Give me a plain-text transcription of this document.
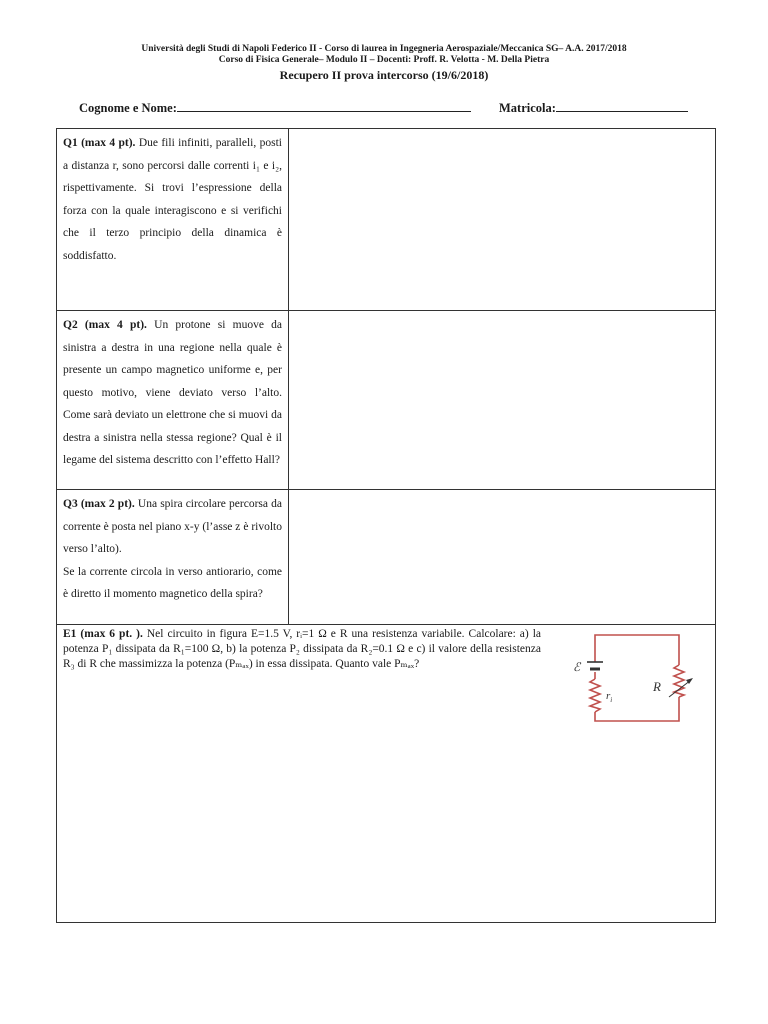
Università degli Studi di Napoli Federico II - Corso di laurea in Ingegneria Aerospaziale/Meccanica SG– A.A. 2017/2018
Corso di Fisica Generale– Modulo II – Docenti: Proff. R. Velotta - M. Della Pietra
Recupero II prova intercorso (19/6/2018)
Cognome e Nome:	Matricola:
Q1 (max 4 pt). Due fili infiniti, paralleli, posti a distanza r, sono percorsi dalle correnti i₁ e i₂, rispettivamente. Si trovi l’espressione della forza con la quale interagiscono e si verifichi che il terzo principio della dinamica è soddisfatto.
Q2 (max 4 pt). Un protone si muove da sinistra a destra in una regione nella quale è presente un campo magnetico uniforme e, per questo motivo, viene deviato verso l’alto. Come sarà deviato un elettrone che si muovi da destra a sinistra nella stessa regione? Qual è il legame del sistema descritto con l’effetto Hall?
Q3 (max 2 pt). Una spira circolare percorsa da corrente è posta nel piano x-y (l’asse z è rivolto verso l’alto).
Se la corrente circola in verso antiorario, come è diretto il momento magnetico della spira?
E1 (max 6 pt. ). Nel circuito in figura E=1.5 V, rᵢ=1 Ω e R una resistenza variabile. Calcolare: a) la potenza P₁ dissipata da R₁=100 Ω, b) la potenza P₂ dissipata da R₂=0.1 Ω e c) il valore della resistenza R₃ di R che massimizza la potenza (Pₘₐₓ) in essa dissipata. Quanto vale Pₘₐₓ?	ℰ
$r_i$
R
